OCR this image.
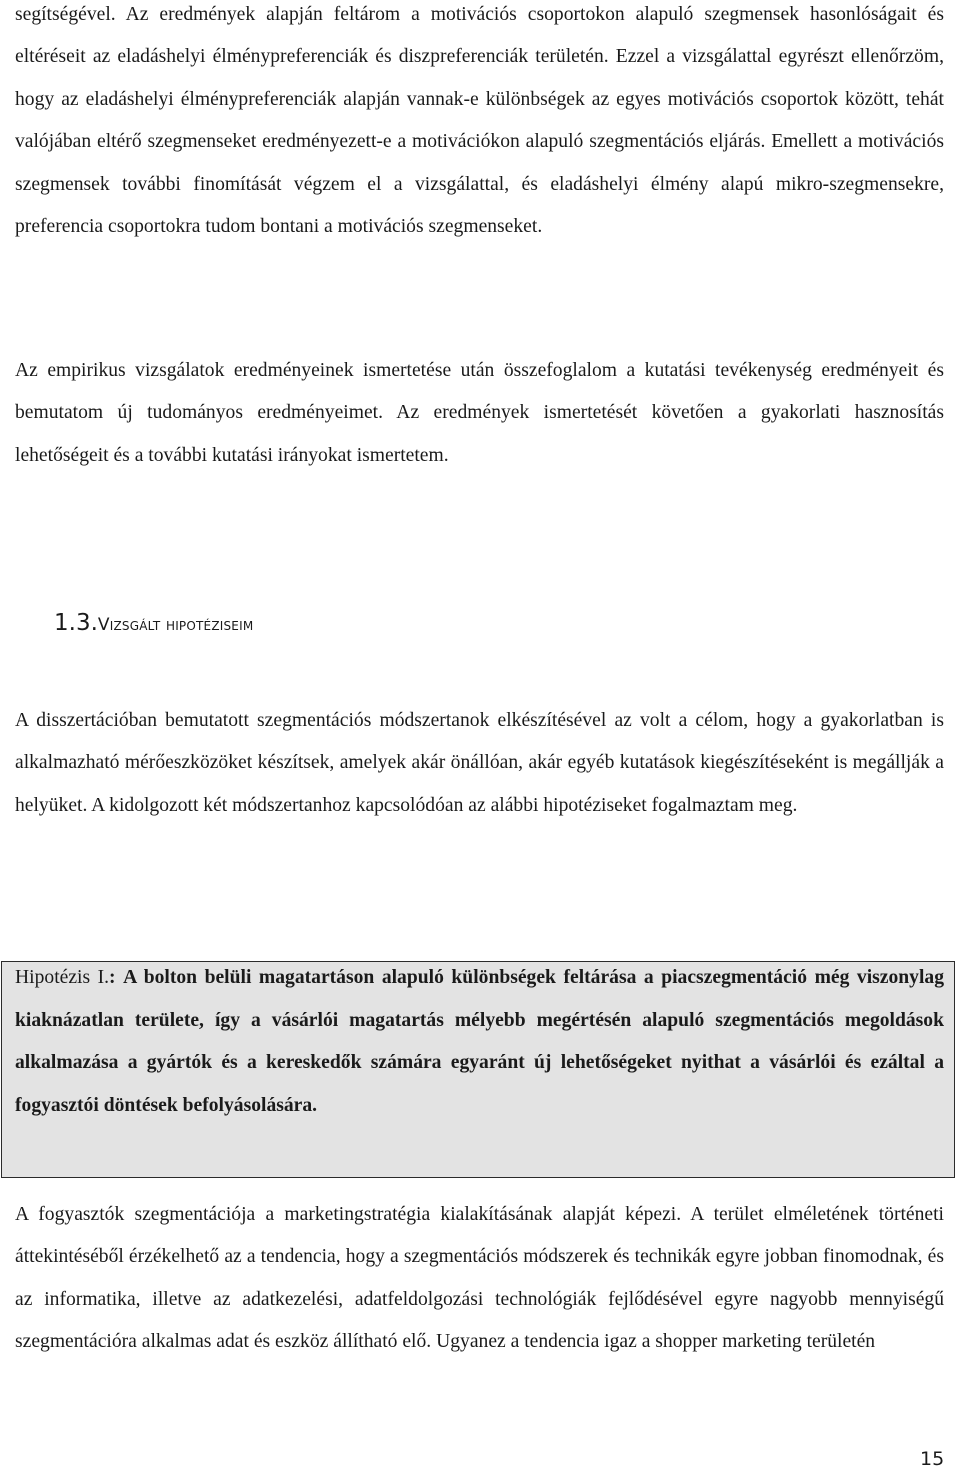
segítségével. Az eredmények alapján feltárom a motivációs csoportokon alapuló szegmensek hasonlóságait és eltéréseit az eladáshelyi élménypreferenciák és diszpreferenciák területén. Ezzel a vizsgálattal egyrészt ellenőrzöm, hogy az eladáshelyi élménypreferenciák alapján vannak-e különbségek az egyes motivációs csoportok között, tehát valójában eltérő szegmenseket eredményezett-e a motivációkon alapuló szegmentációs eljárás. Emellett a motivációs szegmensek további finomítását végzem el a vizsgálattal, és eladáshelyi élmény alapú mikro-szegmensekre, preferencia csoportokra tudom bontani a motivációs szegmenseket.

Az empirikus vizsgálatok eredményeinek ismertetése után összefoglalom a kutatási tevékenység eredményeit és bemutatom új tudományos eredményeimet. Az eredmények ismertetését követően a gyakorlati hasznosítás lehetőségeit és a további kutatási irányokat ismertetem.

1.3.Vizsgált hipotéziseim

A disszertációban bemutatott szegmentációs módszertanok elkészítésével az volt a célom, hogy a gyakorlatban is alkalmazható mérőeszközöket készítsek, amelyek akár önállóan, akár egyéb kutatások kiegészítéseként is megállják a helyüket. A kidolgozott két módszertanhoz kapcsolódóan az alábbi hipotéziseket fogalmaztam meg.

Hipotézis I.: A bolton belüli magatartáson alapuló különbségek feltárása a piacszegmentáció még viszonylag kiaknázatlan területe, így a vásárlói magatartás mélyebb megértésén alapuló szegmentációs megoldások alkalmazása a gyártók és a kereskedők számára egyaránt új lehetőségeket nyithat a vásárlói és ezáltal a fogyasztói döntések befolyásolására.

A fogyasztók szegmentációja a marketingstratégia kialakításának alapját képezi. A terület elméletének történeti áttekintéséből érzékelhető az a tendencia, hogy a szegmentációs módszerek és technikák egyre jobban finomodnak, és az informatika, illetve az adatkezelési, adatfeldolgozási technológiák fejlődésével egyre nagyobb mennyiségű szegmentációra alkalmas adat és eszköz állítható elő. Ugyanez a tendencia igaz a shopper marketing területén

15
